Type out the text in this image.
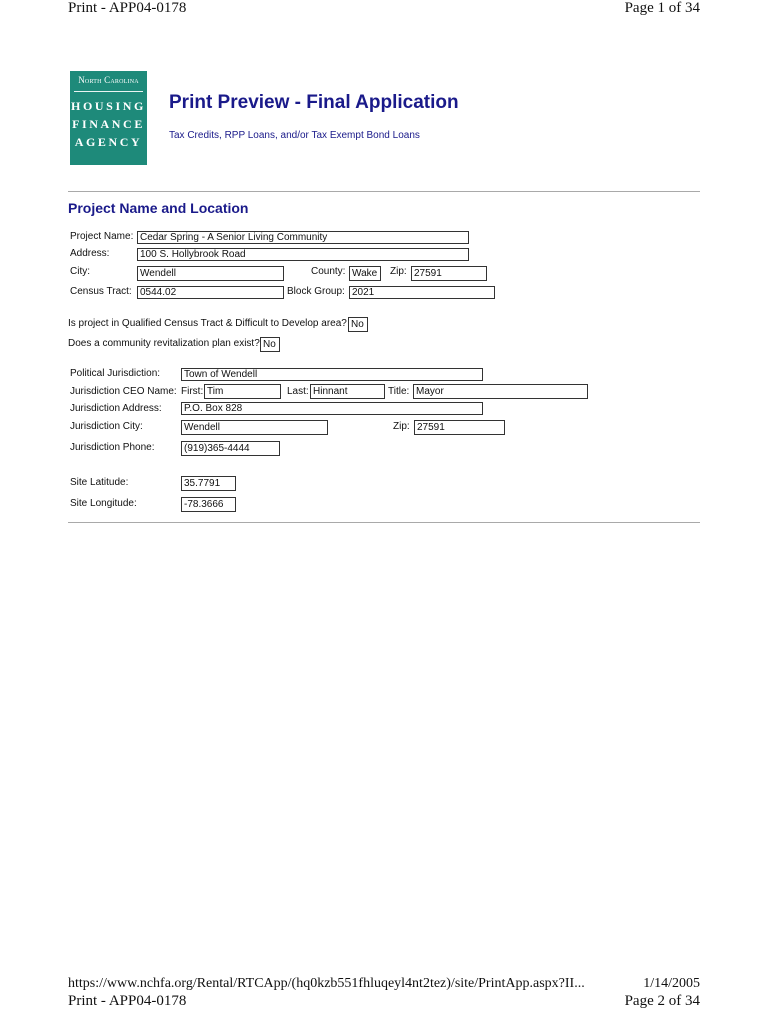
Print - APP04-0178	Page 1 of 34
North Carolina
HOUSING
FINANCE
AGENCY
Print Preview - Final Application
Tax Credits, RPP Loans, and/or Tax Exempt Bond Loans
Project Name and Location
Project Name: Cedar Spring - A Senior Living Community
Address:	100 S. Hollybrook Road
City:	Wendell	County: Wake	Zip: 27591
Census Tract: 0544.02	Block Group: 2021
Is project in Qualified Census Tract & Difficult to Develop area? No
Does a community revitalization plan exist? No
Political Jurisdiction:	Town of Wendell
Jurisdiction CEO Name: First: Tim	Last: Hinnant	Title: Mayor
Jurisdiction Address:	P.O. Box 828
Jurisdiction City:	Wendell	Zip: 27591
Jurisdiction Phone:	(919)365-4444
Site Latitude:	35.7791
Site Longitude:	-78.3666
https://www.nchfa.org/Rental/RTCApp/(hq0kzb551fhluqeyl4nt2tez)/site/PrintApp.aspx?II...	1/14/2005
Print - APP04-0178	Page 2 of 34
